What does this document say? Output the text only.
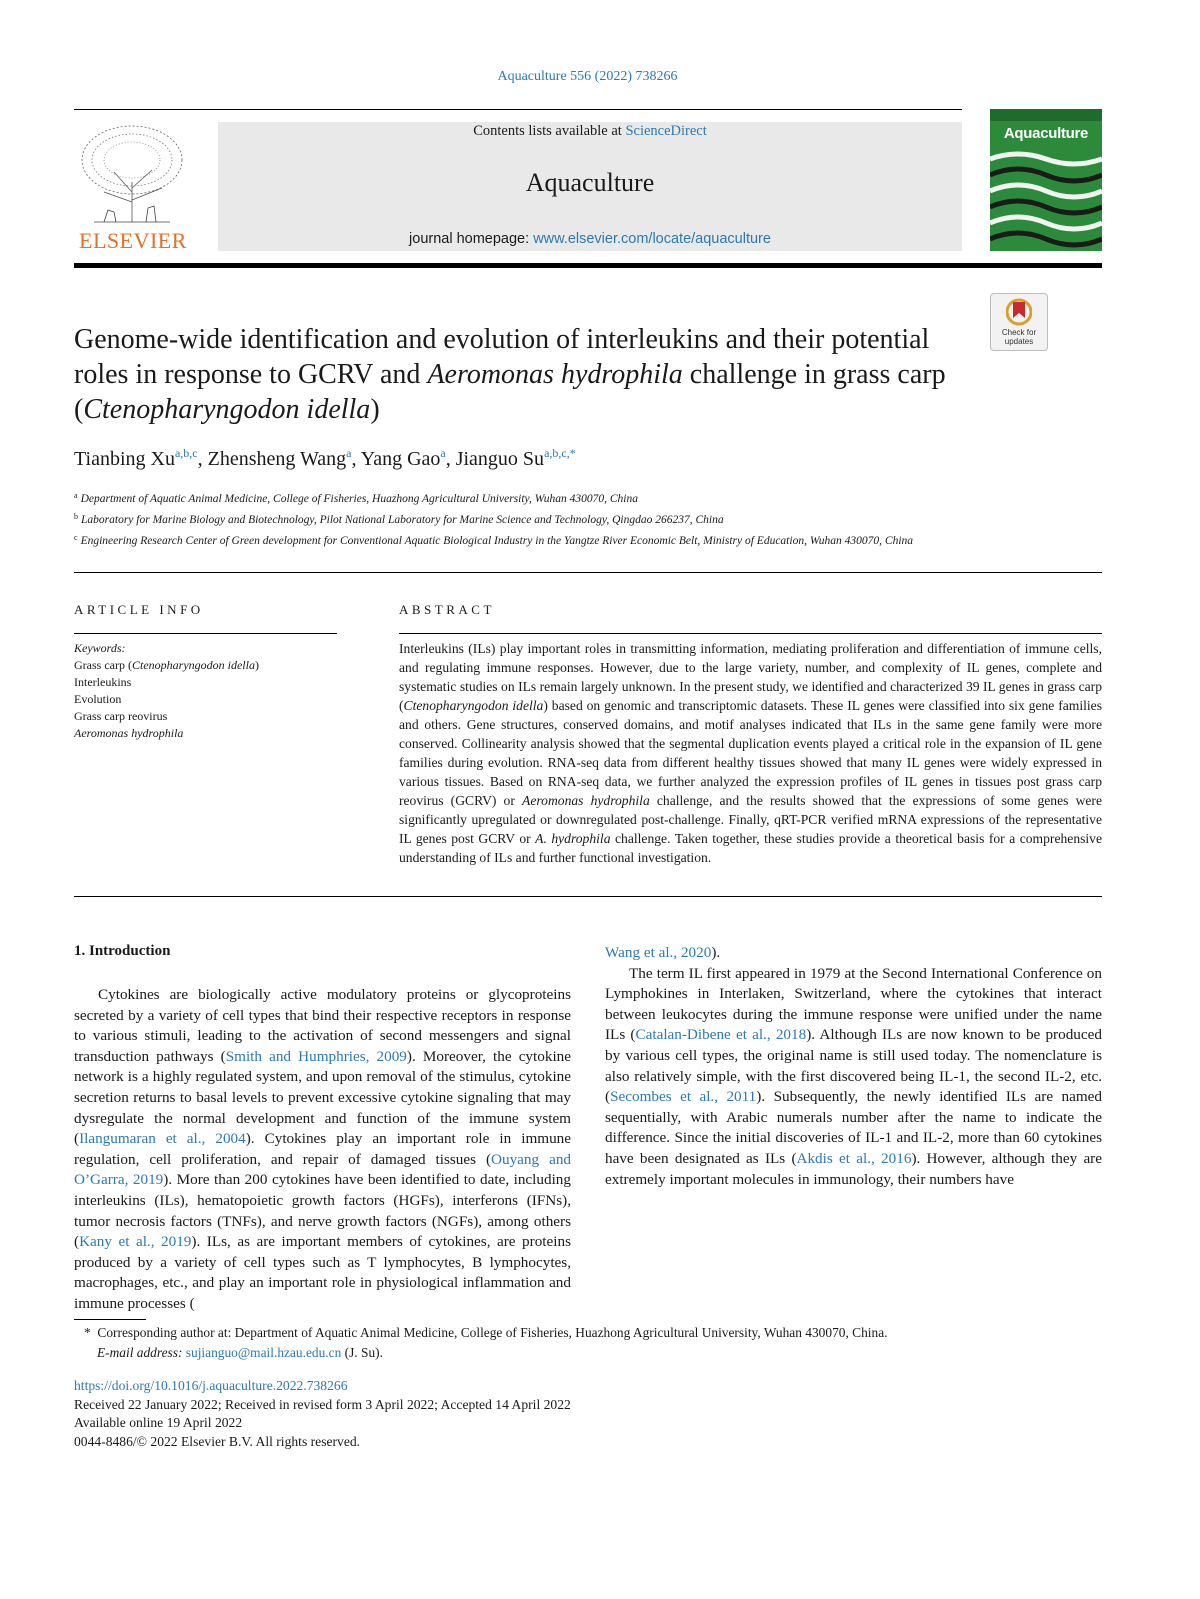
Aquaculture 556 (2022) 738266
ELSEVIER
Contents lists available at ScienceDirect
Aquaculture
journal homepage: www.elsevier.com/locate/aquaculture
Aquaculture
Check for updates
Genome-wide identification and evolution of interleukins and their potential roles in response to GCRV and Aeromonas hydrophila challenge in grass carp (Ctenopharyngodon idella)
Tianbing Xu$^{a,b,c}$, Zhensheng Wang$^a$, Yang Gao$^a$, Jianguo $Su^{a,b,c,*}$
$^a$ Department of Aquatic Animal Medicine, College of Fisheries, Huazhong Agricultural University, Wuhan 430070, China
$^b$ Laboratory for Marine Biology and Biotechnology, Pilot National Laboratory for Marine Science and Technology, Qingdao 266237, China
$^c$ Engineering Research Center of Green development for Conventional Aquatic Biological Industry in the Yangtze River Economic Belt, Ministry of Education, Wuhan 430070, China
ARTICLE INFO	ABSTRACT
Keywords:
Grass carp (Ctenopharyngodon idella)
Interleukins
Evolution
Grass carp reovirus
Aeromonas hydrophila
Interleukins (ILs) play important roles in transmitting information, mediating proliferation and differentiation of immune cells, and regulating immune responses. However, due to the large variety, number, and complexity of IL genes, complete and systematic studies on ILs remain largely unknown. In the present study, we identified and characterized 39 IL genes in grass carp (Ctenopharyngodon idella) based on genomic and transcriptomic datasets. These IL genes were classified into six gene families and others. Gene structures, conserved domains, and motif analyses indicated that ILs in the same gene family were more conserved. Collinearity analysis showed that the segmental duplication events played a critical role in the expansion of IL gene families during evolution. RNA-seq data from different healthy tissues showed that many IL genes were widely expressed in various tissues. Based on RNA-seq data, we further analyzed the expression profiles of IL genes in tissues post grass carp reovirus (GCRV) or Aeromonas hydrophila challenge, and the results showed that the expressions of some genes were significantly upregulated or downregulated post-challenge. Finally, qRT-PCR verified mRNA expressions of the representative IL genes post GCRV or A. hydrophila challenge. Taken together, these studies provide a theoretical basis for a comprehensive understanding of ILs and further functional investigation.
1. Introduction

Cytokines are biologically active modulatory proteins or glycoproteins secreted by a variety of cell types that bind their respective receptors in response to various stimuli, leading to the activation of second messengers and signal transduction pathways (Smith and Humphries, 2009). Moreover, the cytokine network is a highly regulated system, and upon removal of the stimulus, cytokine secretion returns to basal levels to prevent excessive cytokine signaling that may dysregulate the normal development and function of the immune system (Ilangumaran et al., 2004). Cytokines play an important role in immune regulation, cell proliferation, and repair of damaged tissues (Ouyang and O’Garra, 2019). More than 200 cytokines have been identified to date, including interleukins (ILs), hematopoietic growth factors (HGFs), interferons (IFNs), tumor necrosis factors (TNFs), and nerve growth factors (NGFs), among others (Kany et al., 2019). ILs, as are important members of cytokines, are proteins produced by a variety of cell types such as T lymphocytes, B lymphocytes, macrophages, etc., and play an important role in physiological inflammation and immune processes (

Wang et al., 2020).

The term IL first appeared in 1979 at the Second International Conference on Lymphokines in Interlaken, Switzerland, where the cytokines that interact between leukocytes during the immune response were unified under the name ILs (Catalan-Dibene et al., 2018). Although ILs are now known to be produced by various cell types, the original name is still used today. The nomenclature is also relatively simple, with the first discovered being IL-1, the second IL-2, etc. (Secombes et al., 2011). Subsequently, the newly identified ILs are named sequentially, with Arabic numerals number after the name to indicate the difference. Since the initial discoveries of IL-1 and IL-2, more than 60 cytokines have been designated as ILs (Akdis et al., 2016). However, although they are extremely important molecules in immunology, their numbers have

* Corresponding author at: Department of Aquatic Animal Medicine, College of Fisheries, Huazhong Agricultural University, Wuhan 430070, China.
E-mail address: sujianguo@mail.hzau.edu.cn (J. Su).
https://doi.org/10.1016/j.aquaculture.2022.738266
Received 22 January 2022; Received in revised form 3 April 2022; Accepted 14 April 2022
Available online 19 April 2022
0044-8486/© 2022 Elsevier B.V. All rights reserved.
